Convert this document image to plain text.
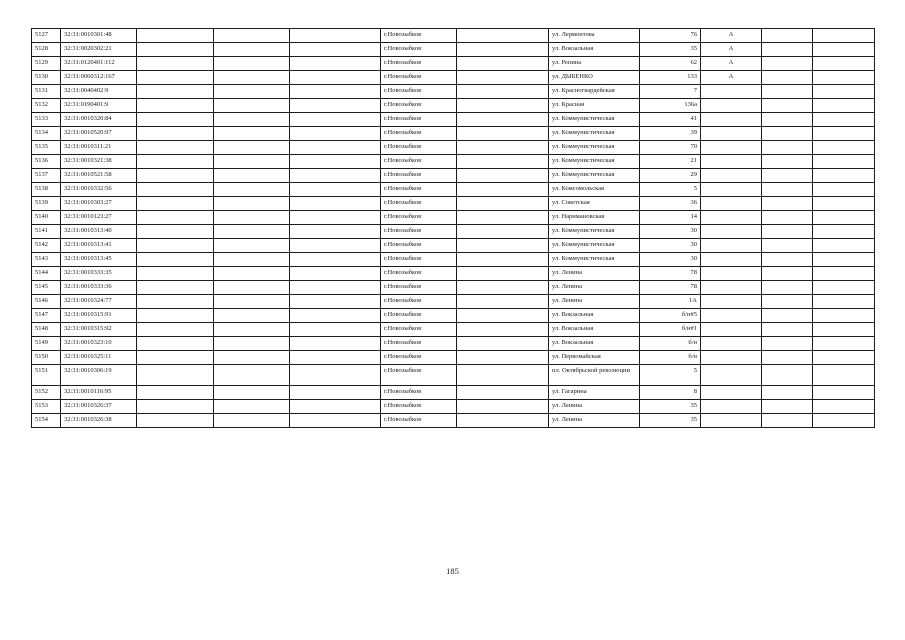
5127	32:31:0010301:48				г.Новозыбков		ул. Лермонтова	76	А		
5128	32:31:0020302:21				г.Новозыбков		ул. Вокзальная	35	А		
5129	32:31:0120401:112				г.Новозыбков		ул. Репина	62	А		
5130	32:31:0060312:167				г.Новозыбков		ул. ДЫБЕНКО	133	А		
5131	32:31:0040402:9				г.Новозыбков		ул. Красногвардейская	7			
5132	32:31:0190401:9				г.Новозыбков		ул. Красная	136а			
5133	32:31:0010320:84				г.Новозыбков		ул. Коммунистическая	41			
5134	32:31:0010520:97				г.Новозыбков		ул. Коммунистическая	39			
5135	32:31:0010311:21				г.Новозыбков		ул. Коммунистическая	70			
5136	32:31:0010321:38				г.Новозыбков		ул. Коммунистическая	21			
5137	32:31:0010521:58				г.Новозыбков		ул. Коммунистическая	29			
5138	32:31:0010332:56				г.Новозыбков		ул. Комсомольская	5			
5139	32:31:0010303:27				г.Новозыбков		ул. Советская	36			
5140	32:31:0010123:27				г.Новозыбков		ул. Наримановская	14			
5141	32:31:0010313:40				г.Новозыбков		ул. Коммунистическая	30			
5142	32:31:0010313:41				г.Новозыбков		ул. Коммунистическая	30			
5143	32:31:0010313:45				г.Новозыбков		ул. Коммунистическая	30			
5144	32:31:0010333:35				г.Новозыбков		ул. Ленина	78			
5145	32:31:0010333:36				г.Новозыбков		ул. Ленина	78			
5146	32:31:0010324:77				г.Новозыбков		ул. Ленина	1А			
5147	32:31:0010315:91				г.Новозыбков		ул. Вокзальная	б/н#5			
5148	32:31:0010315:92				г.Новозыбков		ул. Вокзальная	б/н#1			
5149	32:31:0010323:10				г.Новозыбков		ул. Вокзальная	б/н			
5150	32:31:0010325:11				г.Новозыбков		ул. Первомайская	б/н			
5151	32:31:0010306:19				г.Новозыбков		пл. Октябрьской революции	5			
5152	32:31:0010116:95				г.Новозыбков		ул. Гагарина	8			
5153	32:31:0010326:37				г.Новозыбков		ул. Ленина	35			
5154	32:31:0010326:38				г.Новозыбков		ул. Ленина	35			
185
